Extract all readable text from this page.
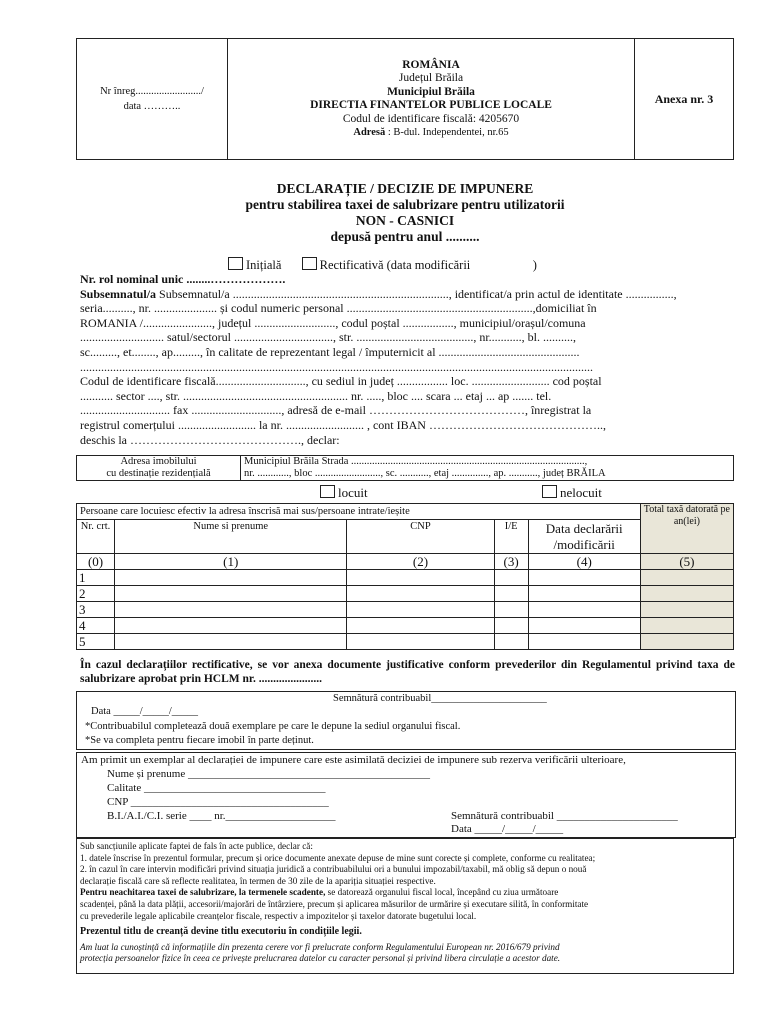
Nr înreg........................./
data ………..

ROMÂNIA
Județul Brăila
Municipiul Brăila
DIRECTIA FINANTELOR PUBLICE LOCALE
Codul de identificare fiscală: 4205670
Adresă : B-dul. Independentei, nr.65
	Anexa nr. 3
DECLARAȚIE / DECIZIE DE IMPUNERE
pentru stabilirea taxei de salubrizare pentru utilizatorii
NON - CASNICI
depusă pentru anul ..........
Inițială	Rectificativă (data modificării                    )
Nr. rol nominal unic ........……………….
Subsemnatul/a Subsemnatul/a ........................................................................, identificat/a prin actul de identitate ................,
seria.........., nr. ..................... și codul numeric personal ..............................................................,domiciliat în
ROMANIA /......................., județul ..........................., codul poștal ................., municipiul/orașul/comuna
............................ satul/sectorul ................................., str. ......................................., nr..........., bl. ..........,
sc........., et........, ap........., în calitate de reprezentant legal / împuternicit al ...............................................
...........................................................................................................................................................................
Codul de identificare fiscală.............................., cu sediul in județ ................. loc. .......................... cod poștal
........... sector ...., str. ....................................................... nr. ....., bloc .... scara ... etaj ... ap ....... tel.
.............................. fax .............................., adresă de e-mail …………………………………, înregistrat la
registrul comerțului .......................... la nr. .......................... , cont IBAN ……………………………………..,
deschis la ……………………………………., declar:
Adresa imobilului
cu destinație rezidențială

Municipiul Brăila Strada .........................................................................................,
nr. ............, bloc ........................., sc. ..........., etaj .............., ap. ..........., județ BRĂILA
locuit	nelocuit
Persoane care locuiesc efectiv la adresa înscrisă mai sus/persoane intrate/ieșite					Total taxă datorată pe an(lei)
Nr. crt.	Nume si prenume	CNP	I/E	Data declarării /modificării	
(0)	(1)	(2)	(3)	(4)	(5)
1					
2					
3					
4					
5					
În cazul declarațiilor rectificative, se vor anexa documente justificative conform prevederilor din Regulamentul privind taxa de salubrizare aprobat prin HCLM nr. ......................
Semnătură contribuabil______________________
Data _____/_____/_____
*Contribuabilul completează două exemplare pe care le depune la sediul organului fiscal.
*Se va completa pentru fiecare imobil în parte deținut.
Am primit un exemplar al declarației de impunere care este asimilată deciziei de impunere sub rezerva verificării ulterioare,
Nume și prenume ____________________________________________
Calitate _________________________________
CNP ____________________________________
B.I./A.I./C.I. serie ____ nr.____________________	Semnătură contribuabil ______________________
Data _____/_____/_____
Sub sancțiunile aplicate faptei de fals în acte publice, declar că:
1. datele înscrise în prezentul formular, precum și orice documente anexate depuse de mine sunt corecte și complete, conforme cu realitatea;
2. în cazul în care intervin modificări privind situația juridică a contribuabilului ori a bunului impozabil/taxabil, mă oblig să depun o nouă
declarație fiscală care să reflecte realitatea, în termen de 30 zile de la apariția situației respective.
Pentru neachitarea taxei de salubrizare, la termenele scadente, se datorează organului fiscal local, începând cu ziua următoare
scadenței, până la data plății, accesorii/majorări de întârziere, precum și aplicarea măsurilor de urmărire și executare silită, în conformitate
cu prevederile legale aplicabile creanțelor fiscale, respectiv a impozitelor și taxelor datorate bugetului local.
Prezentul titlu de creanță devine titlu executoriu în condițiile legii.
Am luat la cunoștință că informațiile din prezenta cerere vor fi prelucrate conform Regulamentului European nr. 2016/679 privind
protecția persoanelor fizice în ceea ce privește prelucrarea datelor cu caracter personal și privind libera circulație a acestor date.
